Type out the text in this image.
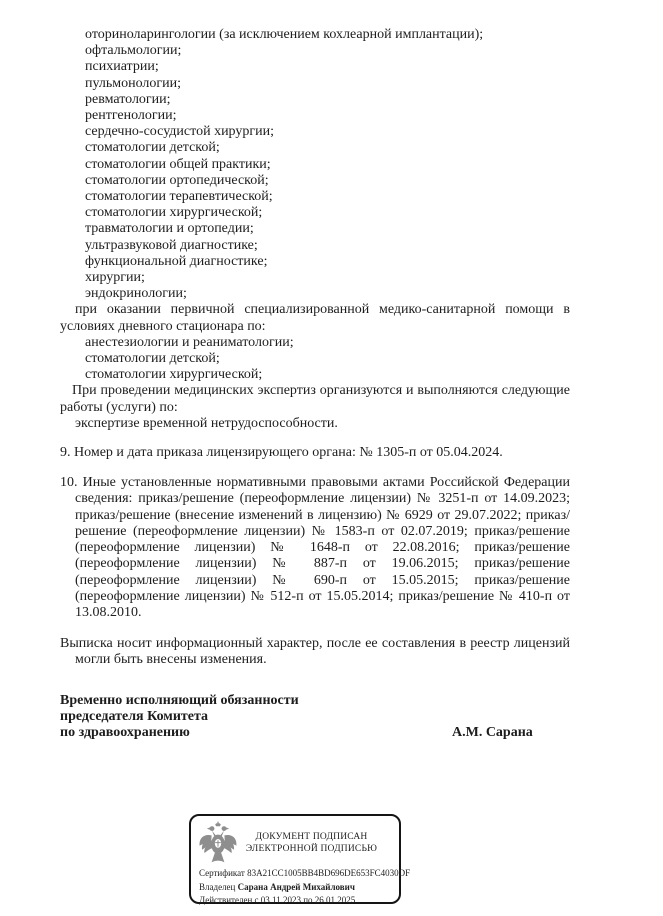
оториноларингологии (за исключением кохлеарной имплантации);
офтальмологии;
психиатрии;
пульмонологии;
ревматологии;
рентгенологии;
сердечно-сосудистой хирургии;
стоматологии детской;
стоматологии общей практики;
стоматологии ортопедической;
стоматологии терапевтической;
стоматологии хирургической;
травматологии и ортопедии;
ультразвуковой диагностике;
функциональной диагностике;
хирургии;
эндокринологии;
при оказании первичной специализированной медико-санитарной помощи в условиях дневного стационара по:
анестезиологии и реаниматологии;
стоматологии детской;
стоматологии хирургической;
При проведении медицинских экспертиз организуются и выполняются следующие работы (услуги) по:
экспертизе временной нетрудоспособности.
9. Номер и дата приказа лицензирующего органа: № 1305-п от 05.04.2024.
10. Иные установленные нормативными правовыми актами Российской Федерации сведения: приказ/решение (переоформление лицензии) № 3251-п от 14.09.2023; приказ/решение (внесение изменений в лицензию) № 6929 от 29.07.2022; приказ/решение (переоформление лицензии) № 1583-п от 02.07.2019; приказ/решение (переоформление лицензии) № 1648-п от 22.08.2016; приказ/решение (переоформление лицензии) № 887-п от 19.06.2015; приказ/решение (переоформление лицензии) № 690-п от 15.05.2015; приказ/решение (переоформление лицензии) № 512-п от 15.05.2014; приказ/решение № 410-п от 13.08.2010.
Выписка носит информационный характер, после ее составления в реестр лицензий могли быть внесены изменения.
Временно исполняющий обязанности
председателя Комитета
по здравоохранению	А.М. Сарана
ДОКУМЕНТ ПОДПИСАН
ЭЛЕКТРОННОЙ ПОДПИСЬЮ
Сертификат 83A21CC1005BB4BD696DE653FC4030DF
Владелец Сарана Андрей Михайлович
Действителен с 03.11.2023 по 26.01.2025
